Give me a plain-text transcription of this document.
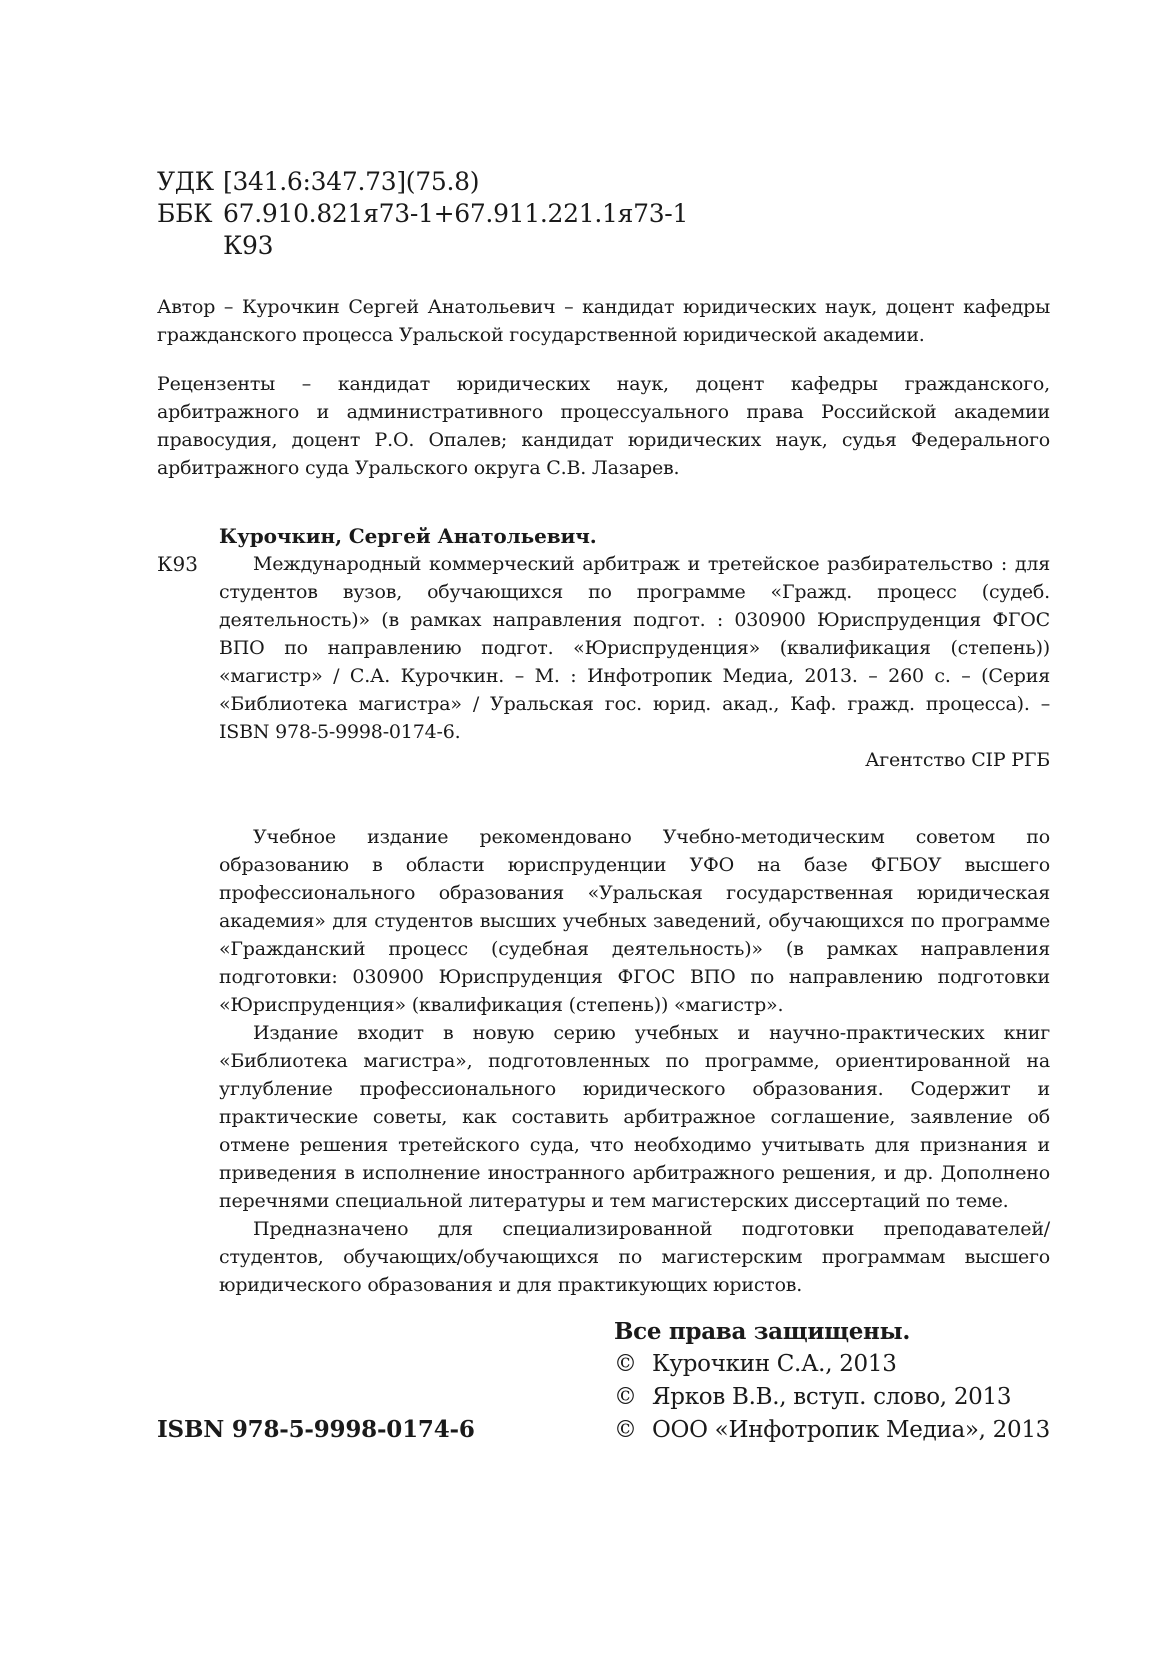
УДК [341.6:347.73](75.8)
ББК 67.910.821я73-1+67.911.221.1я73-1
К93

Автор – Курочкин Сергей Анатольевич – кандидат юридических наук, доцент кафедры гражданского процесса Уральской государственной юридической академии.

Рецензенты – кандидат юридических наук, доцент кафедры гражданского, арбитражного и административного процессуального права Российской академии правосудия, доцент Р.О. Опалев; кандидат юридических наук, судья Федерального арбитражного суда Уральского округа С.В. Лазарев.

Курочкин, Сергей Анатольевич.
К93	Международный коммерческий арбитраж и третейское разбирательство : для студентов вузов, обучающихся по программе «Гражд. процесс (судеб. деятельность)» (в рамках направления подгот. : 030900 Юриспруденция ФГОС ВПО по направлению подгот. «Юриспруденция» (квалификация (степень)) «магистр» / С.А. Курочкин. – М. : Инфотропик Медиа, 2013. – 260 с. – (Серия «Библиотека магистра» / Уральская гос. юрид. акад., Каф. гражд. процесса). – ISBN 978-5-9998-0174-6.

Агентство CIP РГБ

Учебное издание рекомендовано Учебно-методическим советом по образованию в области юриспруденции УФО на базе ФГБОУ высшего профессионального образования «Уральская государственная юридическая академия» для студентов высших учебных заведений, обучающихся по программе «Гражданский процесс (судебная деятельность)» (в рамках направления подготовки: 030900 Юриспруденция ФГОС ВПО по направлению подготовки «Юриспруденция» (квалификация (степень)) «магистр».

Издание входит в новую серию учебных и научно-практических книг «Библиотека магистра», подготовленных по программе, ориентированной на углубление профессионального юридического образования. Содержит и практические советы, как составить арбитражное соглашение, заявление об отмене решения третейского суда, что необходимо учитывать для признания и приведения в исполнение иностранного арбитражного решения, и др. Дополнено перечнями специальной литературы и тем магистерских диссертаций по теме.

Предназначено для специализированной подготовки преподавателей/студентов, обучающих/обучающихся по магистерским программам высшего юридического образования и для практикующих юристов.

Все права защищены.
© Курочкин С.А., 2013
© Ярков В.В., вступ. слово, 2013
© ООО «Инфотропик Медиа», 2013
ISBN 978-5-9998-0174-6
